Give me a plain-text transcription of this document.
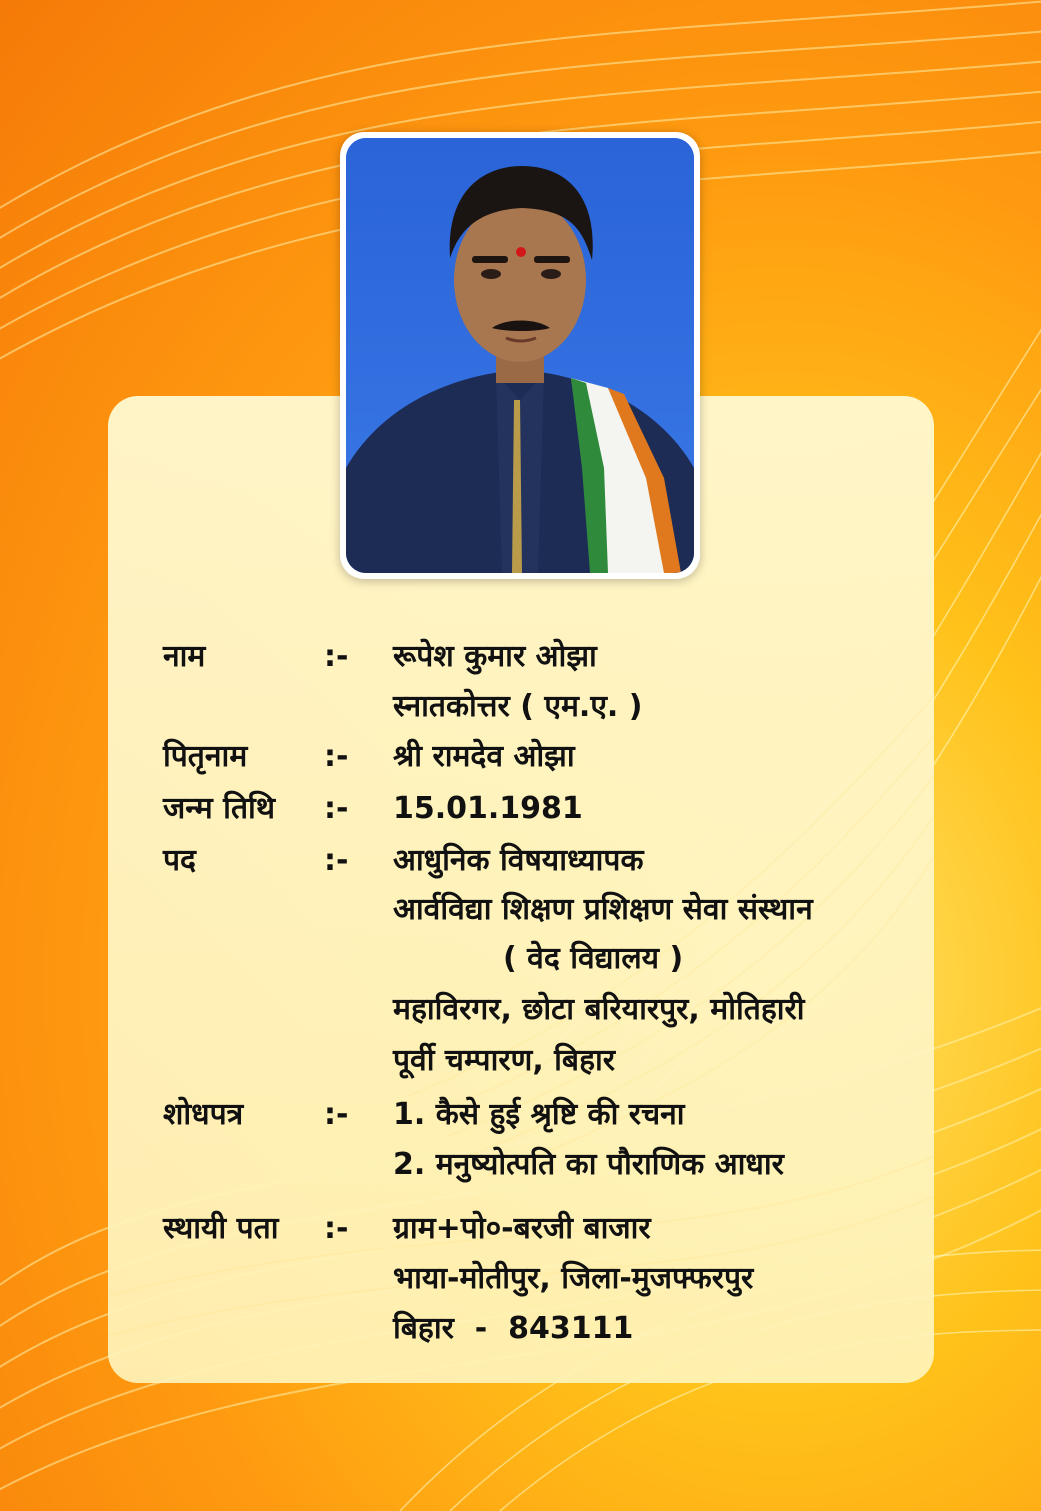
नाम	:- रूपेश कुमार ओझा
स्नातकोत्तर ( एम.ए. )
पितृनाम	:- श्री रामदेव ओझा
जन्म तिथि :- 15.01.1981
पद	:- आधुनिक विषयाध्यापक
आर्वविद्या शिक्षण प्रशिक्षण सेवा संस्थान
( वेद विद्यालय )
महाविरगर, छोटा बरियारपुर, मोतिहारी
पूर्वी चम्पारण, बिहार
शोधपत्र	:- 1. कैसे हुई श्रृष्टि की रचना
2. मनुष्योत्पति का पौराणिक आधार
स्थायी पता :- ग्राम+पो०-बरजी बाजार
भाया-मोतीपुर, जिला-मुजफ्फरपुर
बिहार  -  843111
